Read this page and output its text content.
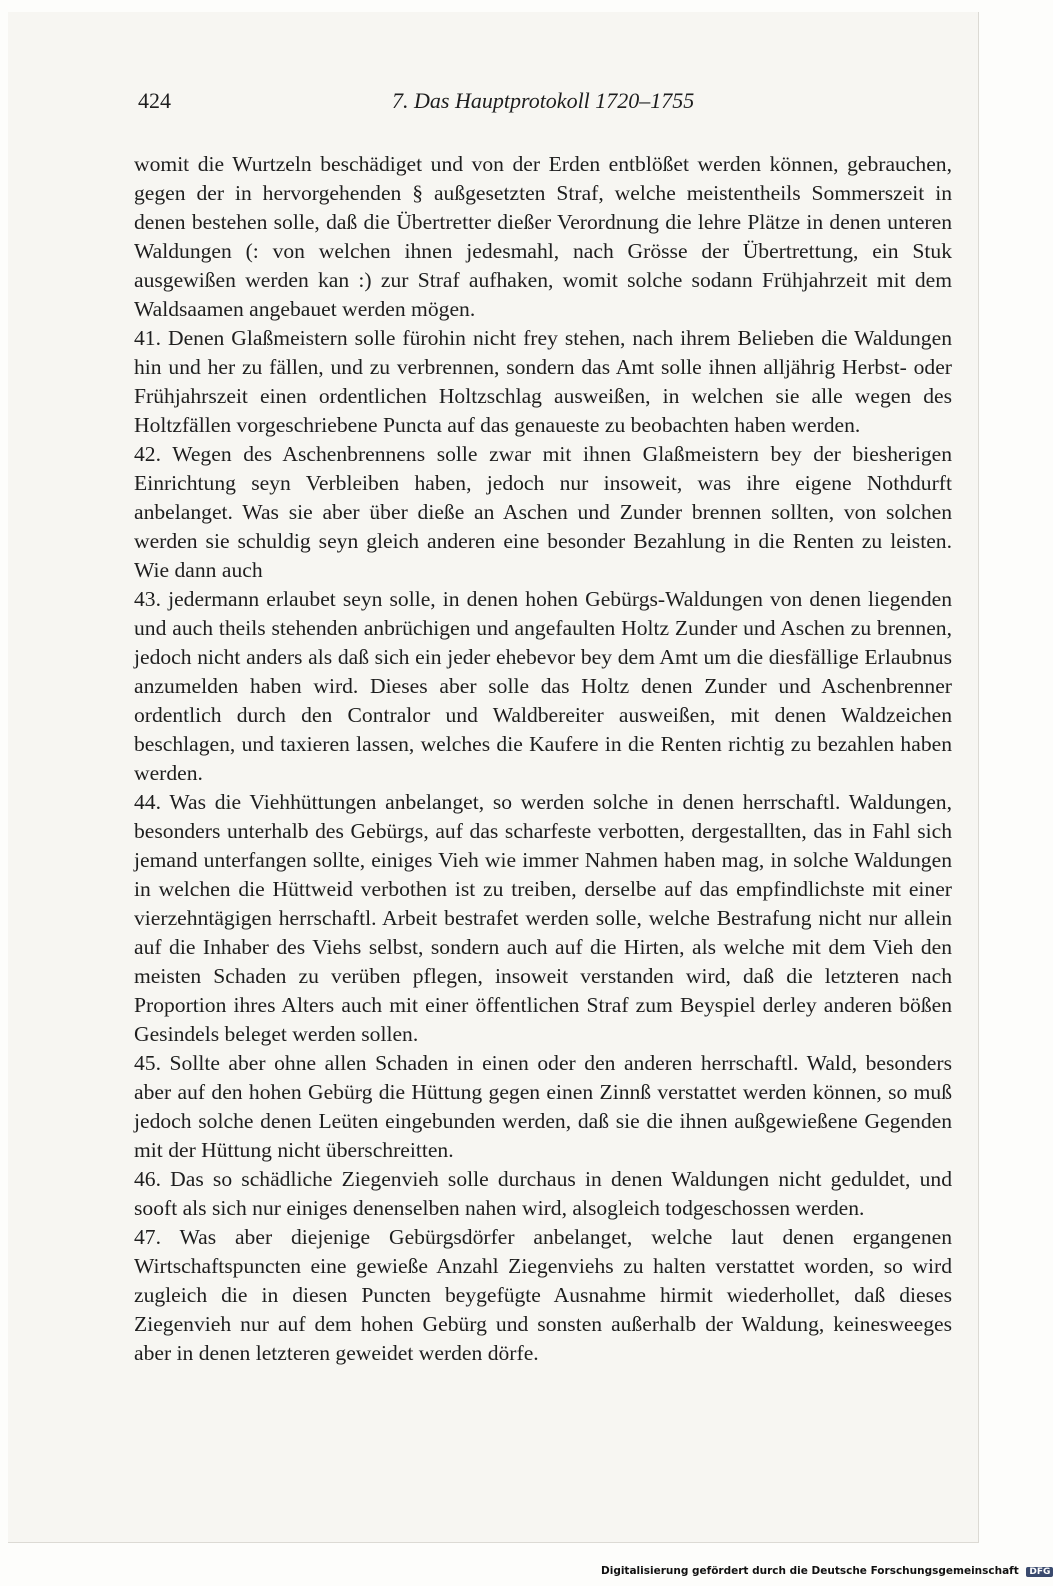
424	7. Das Hauptprotokoll 1720–1755

womit die Wurtzeln beschädiget und von der Erden entblößet werden können, gebrauchen, gegen der in hervorgehenden § außgesetzten Straf, welche meistentheils Sommerszeit in denen bestehen solle, daß die Übertretter dießer Verordnung die lehre Plätze in denen unteren Waldungen (: von welchen ihnen jedesmahl, nach Grösse der Übertrettung, ein Stuk ausgewißen werden kan :) zur Straf aufhaken, womit solche sodann Frühjahrzeit mit dem Waldsaamen angebauet werden mögen.

41. Denen Glaßmeistern solle fürohin nicht frey stehen, nach ihrem Belieben die Waldungen hin und her zu fällen, und zu verbrennen, sondern das Amt solle ihnen alljährig Herbst- oder Frühjahrszeit einen ordentlichen Holtzschlag ausweißen, in welchen sie alle wegen des Holtzfällen vorgeschriebene Puncta auf das genaueste zu beobachten haben werden.

42. Wegen des Aschenbrennens solle zwar mit ihnen Glaßmeistern bey der biesherigen Einrichtung seyn Verbleiben haben, jedoch nur insoweit, was ihre eigene Nothdurft anbelanget. Was sie aber über dieße an Aschen und Zunder brennen sollten, von solchen werden sie schuldig seyn gleich anderen eine besonder Bezahlung in die Renten zu leisten. Wie dann auch

43. jedermann erlaubet seyn solle, in denen hohen Gebürgs-Waldungen von denen liegenden und auch theils stehenden anbrüchigen und angefaulten Holtz Zunder und Aschen zu brennen, jedoch nicht anders als daß sich ein jeder ehebevor bey dem Amt um die diesfällige Erlaubnus anzumelden haben wird. Dieses aber solle das Holtz denen Zunder und Aschenbrenner ordentlich durch den Contralor und Waldbereiter ausweißen, mit denen Waldzeichen beschlagen, und taxieren lassen, welches die Kaufere in die Renten richtig zu bezahlen haben werden.

44. Was die Viehhüttungen anbelanget, so werden solche in denen herrschaftl. Waldungen, besonders unterhalb des Gebürgs, auf das scharfeste verbotten, dergestallten, das in Fahl sich jemand unterfangen sollte, einiges Vieh wie immer Nahmen haben mag, in solche Waldungen in welchen die Hüttweid verbothen ist zu treiben, derselbe auf das empfindlichste mit einer vierzehntägigen herrschaftl. Arbeit bestrafet werden solle, welche Bestrafung nicht nur allein auf die Inhaber des Viehs selbst, sondern auch auf die Hirten, als welche mit dem Vieh den meisten Schaden zu verüben pflegen, insoweit verstanden wird, daß die letzteren nach Proportion ihres Alters auch mit einer öffentlichen Straf zum Beyspiel derley anderen bößen Gesindels beleget werden sollen.

45. Sollte aber ohne allen Schaden in einen oder den anderen herrschaftl. Wald, besonders aber auf den hohen Gebürg die Hüttung gegen einen Zinnß verstattet werden können, so muß jedoch solche denen Leüten eingebunden werden, daß sie die ihnen außgewießene Gegenden mit der Hüttung nicht überschreitten.

46. Das so schädliche Ziegenvieh solle durchaus in denen Waldungen nicht geduldet, und sooft als sich nur einiges denenselben nahen wird, alsogleich todgeschossen werden.

47. Was aber diejenige Gebürgsdörfer anbelanget, welche laut denen ergangenen Wirtschaftspuncten eine gewieße Anzahl Ziegenviehs zu halten verstattet worden, so wird zugleich die in diesen Puncten beygefügte Ausnahme hirmit wiederhollet, daß dieses Ziegenvieh nur auf dem hohen Gebürg und sonsten außerhalb der Waldung, keinesweeges aber in denen letzteren geweidet werden dörfe.

Digitalisierung gefördert durch die Deutsche Forschungsgemeinschaft DFG
